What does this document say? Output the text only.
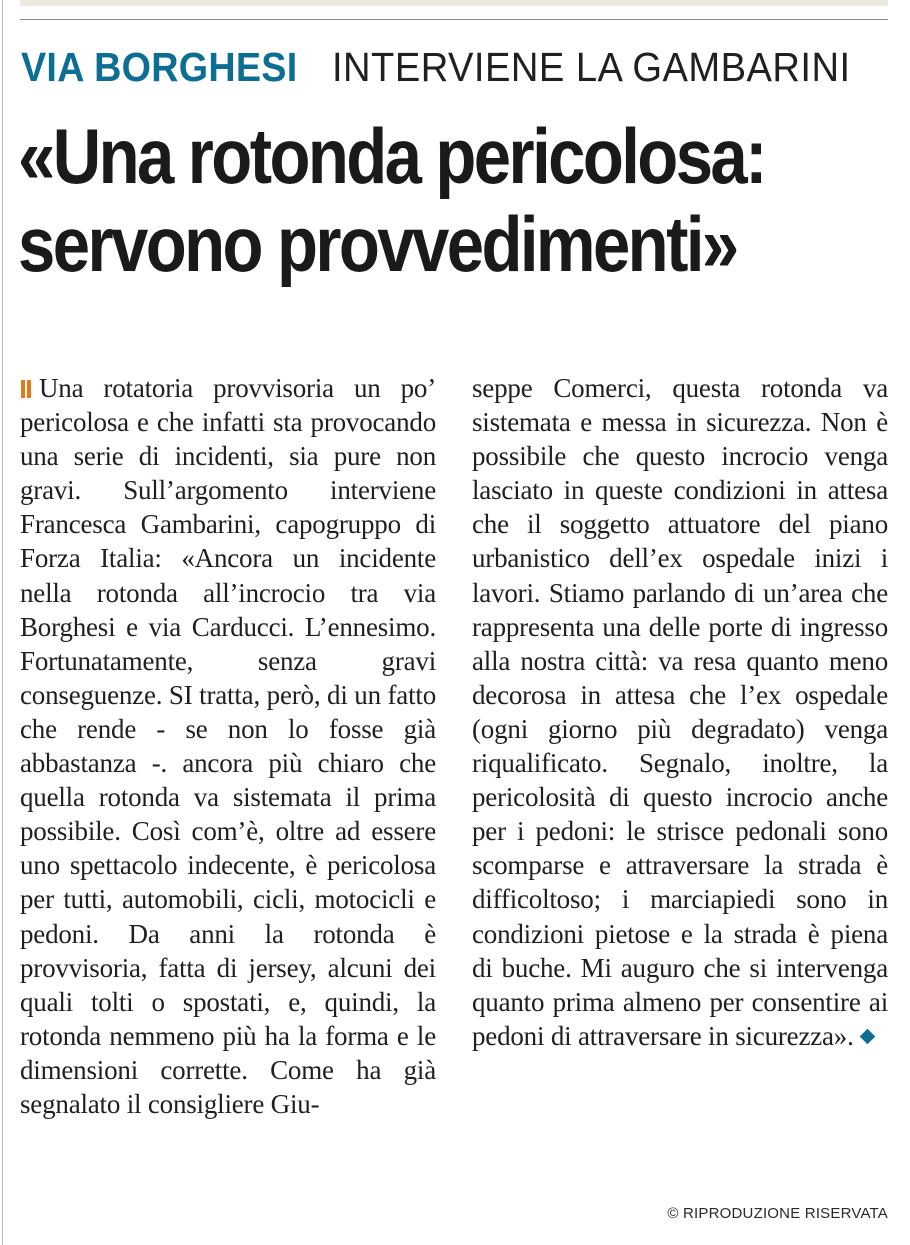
VIA BORGHESI INTERVIENE LA GAMBARINI
«Una rotonda pericolosa:
servono provvedimenti»

Una rotatoria provvisoria un po’ pericolosa e che infatti sta provocando una serie di incidenti, sia pure non gravi. Sull’argomento interviene Francesca Gambarini, capogruppo di Forza Italia: «Ancora un incidente nella rotonda all’incrocio tra via Borghesi e via Carducci. L’ennesimo. Fortunatamente, senza gravi conseguenze. SI tratta, però, di un fatto che rende - se non lo fosse già abbastanza -. ancora più chiaro che quella rotonda va sistemata il prima possibile. Così com’è, oltre ad essere uno spettacolo indecente, è pericolosa per tutti, automobili, cicli, motocicli e pedoni. Da anni la rotonda è provvisoria, fatta di jersey, alcuni dei quali tolti o spostati, e, quindi, la rotonda nemmeno più ha la forma e le dimensioni corrette. Come ha già segnalato il consigliere Giu-

seppe Comerci, questa rotonda va sistemata e messa in sicurezza. Non è possibile che questo incrocio venga lasciato in queste condizioni in attesa che il soggetto attuatore del piano urbanistico dell’ex ospedale inizi i lavori. Stiamo parlando di un’area che rappresenta una delle porte di ingresso alla nostra città: va resa quanto meno decorosa in attesa che l’ex ospedale (ogni giorno più degradato) venga riqualificato. Segnalo, inoltre, la pericolosità di questo incrocio anche per i pedoni: le strisce pedonali sono scomparse e attraversare la strada è difficoltoso; i marciapiedi sono in condizioni pietose e la strada è piena di buche. Mi auguro che si intervenga quanto prima almeno per consentire ai pedoni di attraversare in sicurezza».

© RIPRODUZIONE RISERVATA
